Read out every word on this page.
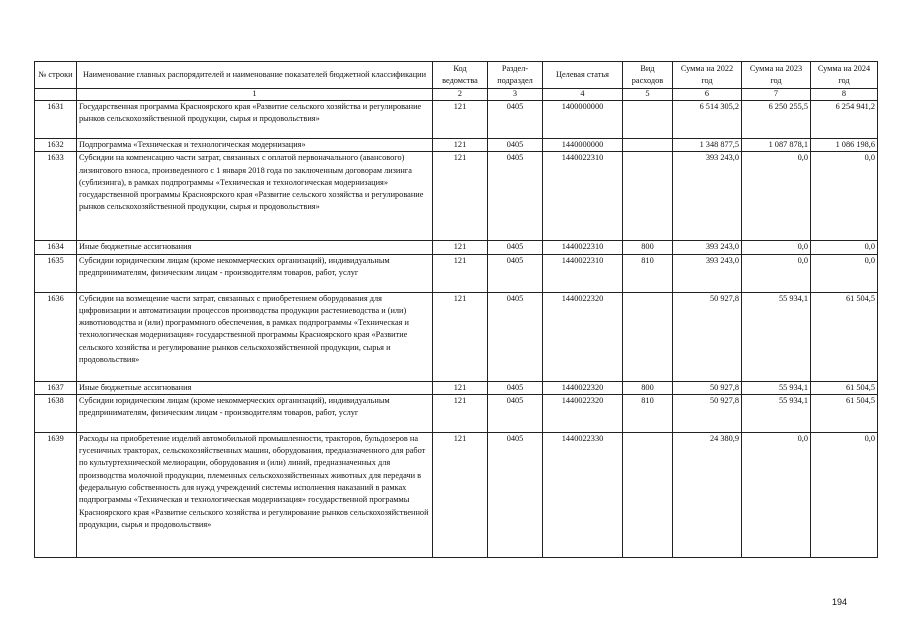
№ строки	Наименование главных распорядителей и наименование показателей бюджетной классификации	Код ведомства	Раздел-подраздел	Целевая статья	Вид расходов	Сумма на 2022 год	Сумма на 2023 год	Сумма на 2024 год
	1	2	3	4	5	6	7	8
1631	Государственная программа Красноярского края «Развитие сельского хозяйства и регулирование рынков сельскохозяйственной продукции, сырья и продовольствия»	121	0405	1400000000		6 514 305,2	6 250 255,5	6 254 941,2
1632	Подпрограмма «Техническая и технологическая модернизация»	121	0405	1440000000		1 348 877,5	1 087 878,1	1 086 198,6
1633	Субсидии на компенсацию части затрат, связанных с оплатой первоначального (авансового) лизингового взноса, произведенного с 1 января 2018 года по заключенным договорам лизинга (сублизинга), в рамках подпрограммы «Техническая и технологическая модернизация» государственной программы Красноярского края «Развитие сельского хозяйства и регулирование рынков сельскохозяйственной продукции, сырья и продовольствия»	121	0405	1440022310		393 243,0	0,0	0,0
1634	Иные бюджетные ассигнования	121	0405	1440022310	800	393 243,0	0,0	0,0
1635	Субсидии юридическим лицам (кроме некоммерческих организаций), индивидуальным предпринимателям, физическим лицам - производителям товаров, работ, услуг	121	0405	1440022310	810	393 243,0	0,0	0,0
1636	Субсидии на возмещение части затрат, связанных с приобретением оборудования для цифровизации и автоматизации процессов производства продукции растениеводства и (или) животноводства и (или) программного обеспечения, в рамках подпрограммы «Техническая и технологическая модернизация» государственной программы Красноярского края «Развитие сельского хозяйства и регулирование рынков сельскохозяйственной продукции, сырья и продовольствия»	121	0405	1440022320		50 927,8	55 934,1	61 504,5
1637	Иные бюджетные ассигнования	121	0405	1440022320	800	50 927,8	55 934,1	61 504,5
1638	Субсидии юридическим лицам (кроме некоммерческих организаций), индивидуальным предпринимателям, физическим лицам - производителям товаров, работ, услуг	121	0405	1440022320	810	50 927,8	55 934,1	61 504,5
1639	Расходы на приобретение изделий автомобильной промышленности, тракторов, бульдозеров на гусеничных тракторах, сельскохозяйственных машин, оборудования, предназначенного для работ по культуртехнической мелиорации, оборудования и (или) линий, предназначенных для производства молочной продукции, племенных сельскохозяйственных животных для передачи в федеральную собственность для нужд учреждений системы исполнения наказаний в рамках подпрограммы «Техническая и технологическая модернизация» государственной программы Красноярского края «Развитие сельского хозяйства и регулирование рынков сельскохозяйственной продукции, сырья и продовольствия»	121	0405	1440022330		24 380,9	0,0	0,0
194
